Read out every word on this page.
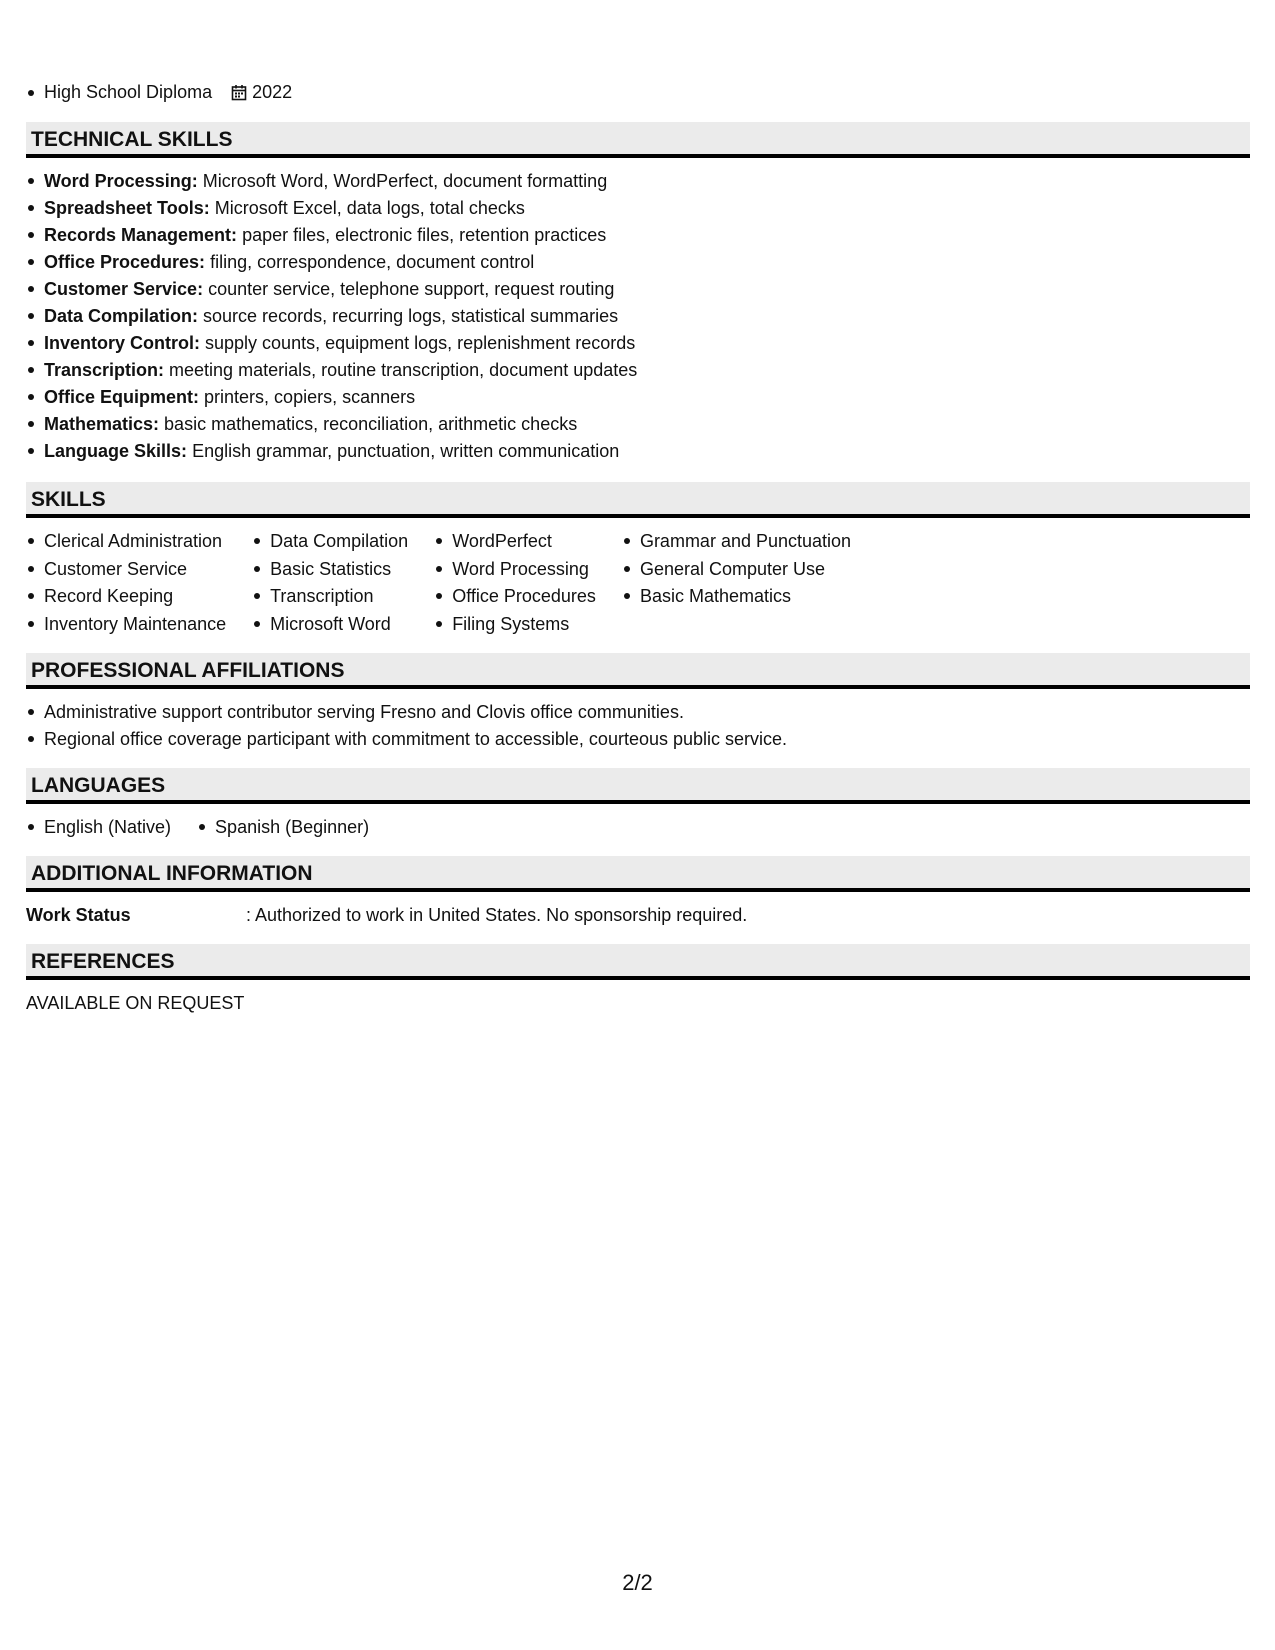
High School Diploma 2022
TECHNICAL SKILLS
Word Processing: Microsoft Word, WordPerfect, document formatting
Spreadsheet Tools: Microsoft Excel, data logs, total checks
Records Management: paper files, electronic files, retention practices
Office Procedures: filing, correspondence, document control
Customer Service: counter service, telephone support, request routing
Data Compilation: source records, recurring logs, statistical summaries
Inventory Control: supply counts, equipment logs, replenishment records
Transcription: meeting materials, routine transcription, document updates
Office Equipment: printers, copiers, scanners
Mathematics: basic mathematics, reconciliation, arithmetic checks
Language Skills: English grammar, punctuation, written communication
SKILLS
Clerical Administration
Customer Service
Record Keeping
Inventory Maintenance
Data Compilation
Basic Statistics
Transcription
Microsoft Word
WordPerfect
Word Processing
Office Procedures
Filing Systems
Grammar and Punctuation
General Computer Use
Basic Mathematics
PROFESSIONAL AFFILIATIONS
Administrative support contributor serving Fresno and Clovis office communities.
Regional office coverage participant with commitment to accessible, courteous public service.
LANGUAGES
English (Native)	Spanish (Beginner)
ADDITIONAL INFORMATION
Work Status	: Authorized to work in United States. No sponsorship required.
REFERENCES
AVAILABLE ON REQUEST
2/2
